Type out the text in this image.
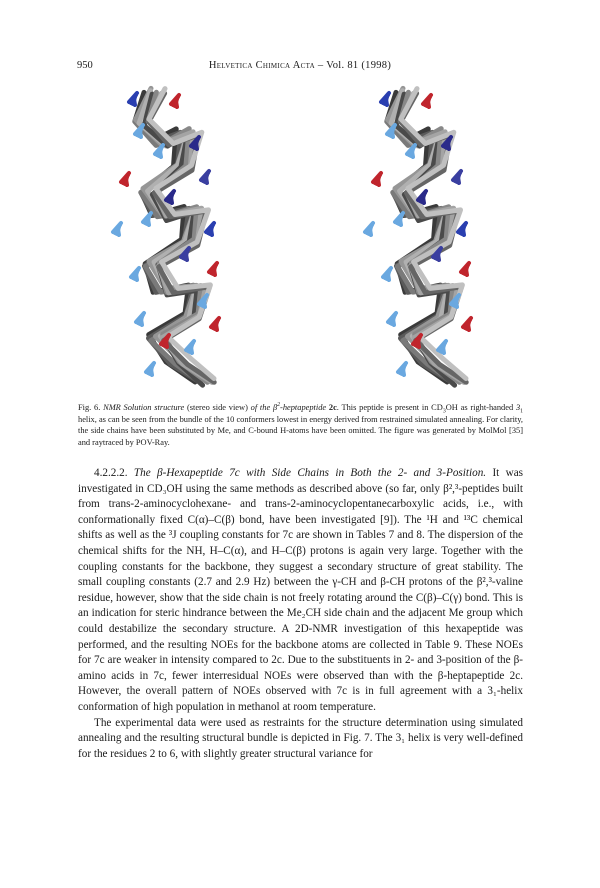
950	Helvetica Chimica Acta – Vol. 81 (1998)
Fig. 6. NMR Solution structure (stereo side view) of the $\beta^2$-heptapeptide 2c. This peptide is present in $CD_3OH$ as right-handed $3_1$ helix, as can be seen from the bundle of the 10 conformers lowest in energy derived from restrained simulated annealing. For clarity, the side chains have been substituted by Me, and C-bound H-atoms have been omitted. The figure was generated by MolMol [35] and raytraced by POV-Ray.

4.2.2.2. The β-Hexapeptide 7c with Side Chains in Both the 2- and 3-Position. It was investigated in CD₃OH using the same methods as described above (so far, only β²,³-peptides built from trans-2-aminocyclohexane- and trans-2-aminocyclopentanecarboxylic acids, i.e., with conformationally fixed C(α)–C(β) bond, have been investigated [9]). The ¹H and ¹³C chemical shifts as well as the ³J coupling constants for 7c are shown in Tables 7 and 8. The dispersion of the chemical shifts for the NH, H–C(α), and H–C(β) protons is again very large. Together with the coupling constants for the backbone, they suggest a secondary structure of great stability. The small coupling constants (2.7 and 2.9 Hz) between the γ-CH and β-CH protons of the β²,³-valine residue, however, show that the side chain is not freely rotating around the C(β)–C(γ) bond. This is an indication for steric hindrance between the Me₂CH side chain and the adjacent Me group which could destabilize the secondary structure. A 2D-NMR investigation of this hexapeptide was performed, and the resulting NOEs for the backbone atoms are collected in Table 9. These NOEs for 7c are weaker in intensity compared to 2c. Due to the substituents in 2- and 3-position of the β-amino acids in 7c, fewer interresidual NOEs were observed than with the β-heptapeptide 2c. However, the overall pattern of NOEs observed with 7c is in full agreement with a 3₁-helix conformation of high population in methanol at room temperature.

The experimental data were used as restraints for the structure determination using simulated annealing and the resulting structural bundle is depicted in Fig. 7. The 3₁ helix is very well-defined for the residues 2 to 6, with slightly greater structural variance for
